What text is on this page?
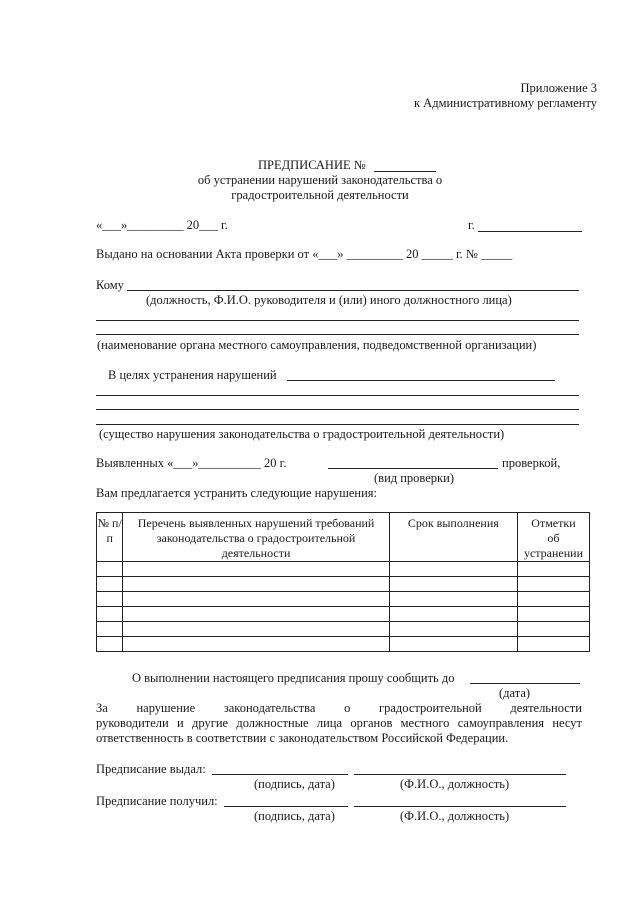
Приложение 3
к Административному регламенту
ПРЕДПИСАНИЕ №
об устранении нарушений законодательства о
градостроительной деятельности
«___»_________ 20___ г.	г.
Выдано на основании Акта проверки от «___» _________ 20 _____ г. № _____
Кому
(должность, Ф.И.О. руководителя и (или) иного должностного лица)
(наименование органа местного самоуправления, подведомственной организации)
В целях устранения нарушений
(существо нарушения законодательства о градостроительной деятельности)
Выявленных «___»__________ 20 г.	проверкой,
(вид проверки)
Вам предлагается устранить следующие нарушения:
№ п/п	Перечень выявленных нарушений требований законодательства о градостроительной деятельности	Срок выполнения	Отметки об устранении

О выполнении настоящего предписания прошу сообщить до
(дата)
За нарушение законодательства о градостроительной деятельности
руководители и другие должностные лица органов местного самоуправления несут
ответственность в соответствии с законодательством Российской Федерации.
Предписание выдал:
(подпись, дата)	(Ф.И.О., должность)
Предписание получил:
(подпись, дата)	(Ф.И.О., должность)
